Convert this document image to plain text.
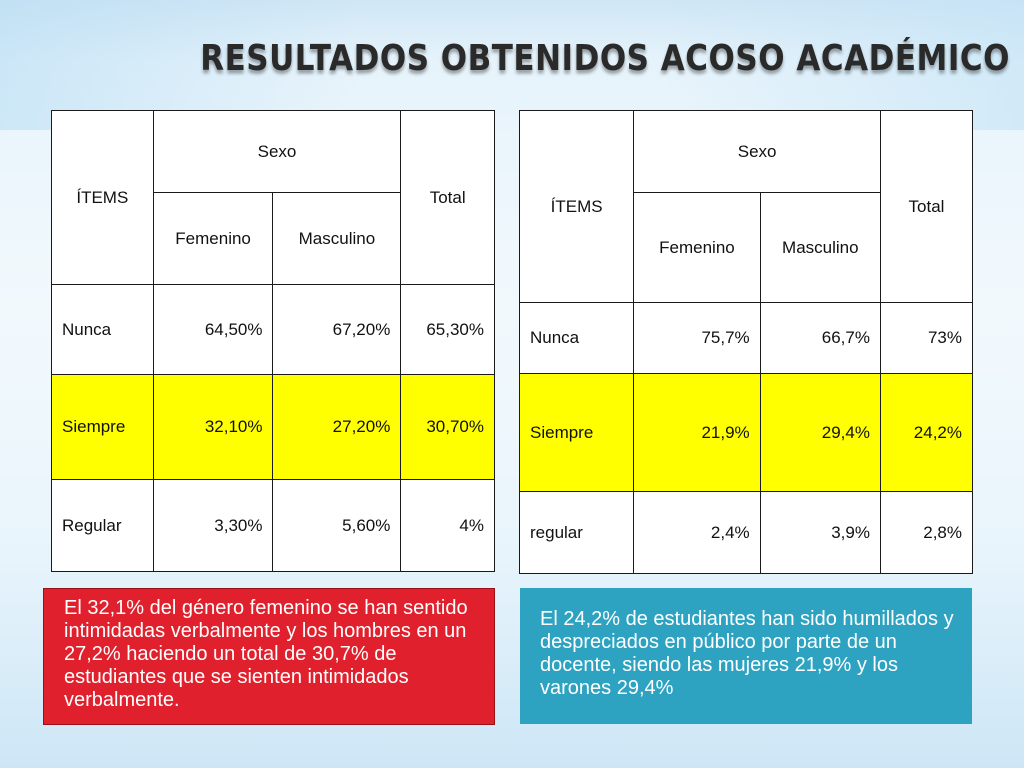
RESULTADOS OBTENIDOS ACOSO ACADÉMICO
ÍTEMS	Sexo		Total
	Femenino	Masculino	
Nunca	64,50%	67,20%	65,30%
Siempre	32,10%	27,20%	30,70%
Regular	3,30%	5,60%	4%
ÍTEMS	Sexo		Total
	Femenino	Masculino	
Nunca	75,7%	66,7%	73%
Siempre	21,9%	29,4%	24,2%
regular	2,4%	3,9%	2,8%
El 32,1% del género femenino se han sentido intimidadas verbalmente y los hombres en un 27,2% haciendo un total de 30,7% de estudiantes que se sienten intimidados verbalmente.
El 24,2% de estudiantes han sido humillados y despreciados en público por parte de un docente, siendo las mujeres 21,9% y los varones 29,4%
